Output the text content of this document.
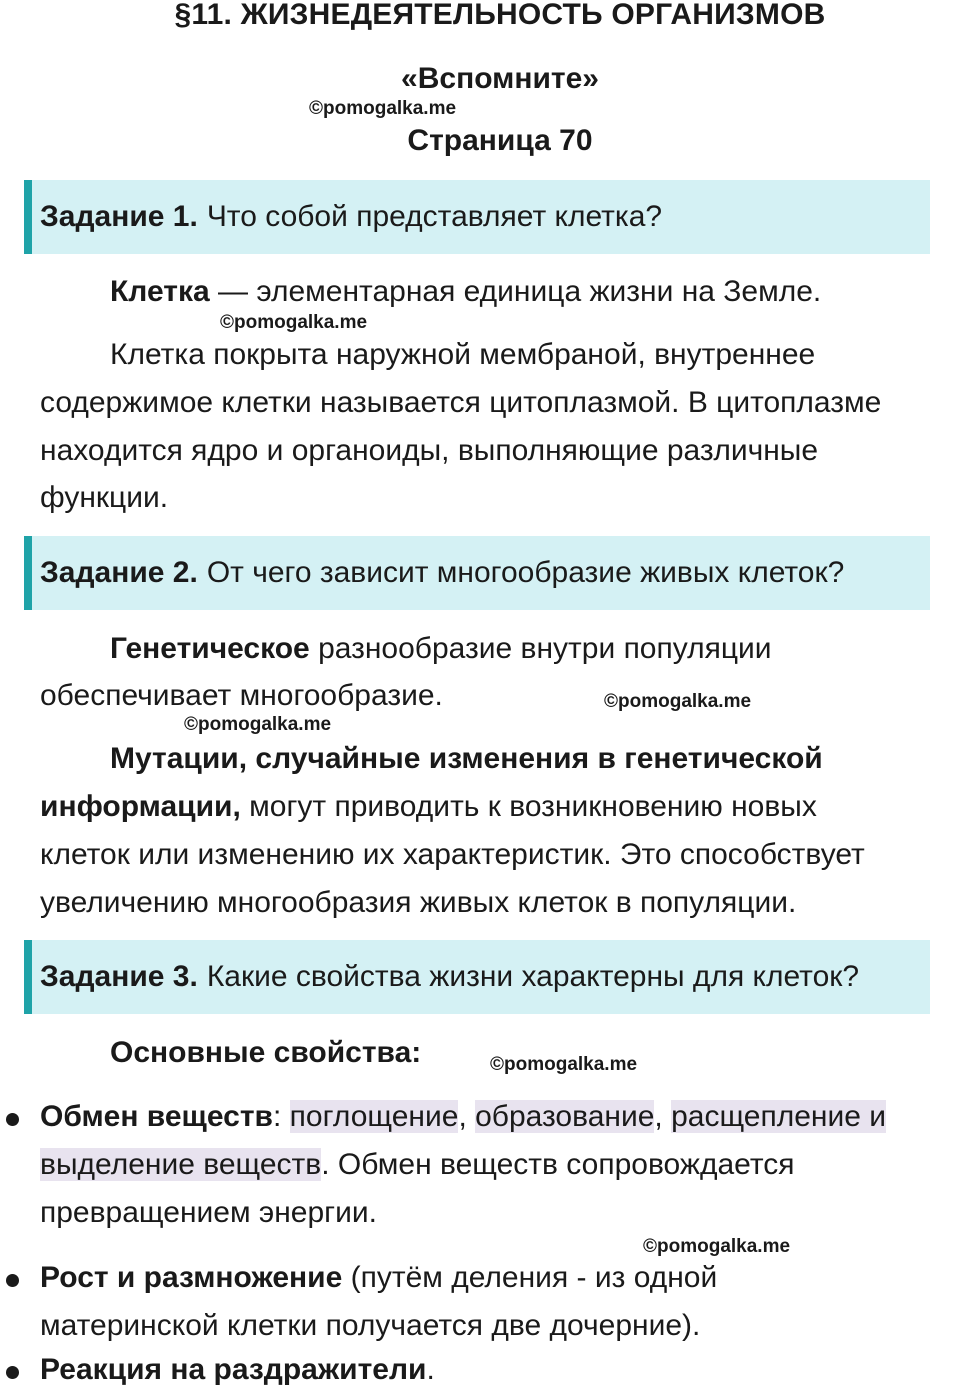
§11. ЖИЗНЕДЕЯТЕЛЬНОСТЬ ОРГАНИЗМОВ
«Вспомните»
©pomogalka.me
Страница 70
Задание 1. Что собой представляет клетка?
Клетка — элементарная единица жизни на Земле.
©pomogalka.me
Клетка покрыта наружной мембраной, внутреннее
содержимое клетки называется цитоплазмой. В цитоплазме
находится ядро и органоиды, выполняющие различные
функции.
Задание 2. От чего зависит многообразие живых клеток?
Генетическое разнообразие внутри популяции
обеспечивает многообразие.	©pomogalka.me
©pomogalka.me
Мутации, случайные изменения в генетической
информации, могут приводить к возникновению новых
клеток или изменению их характеристик. Это способствует
увеличению многообразия живых клеток в популяции.
Задание 3. Какие свойства жизни характерны для клеток?
Основные свойства:	©pomogalka.me
Обмен веществ: поглощение, образование, расщепление и
выделение веществ. Обмен веществ сопровождается
превращением энергии.
©pomogalka.me
Рост и размножение (путём деления - из одной
материнской клетки получается две дочерние).
Реакция на раздражители.
